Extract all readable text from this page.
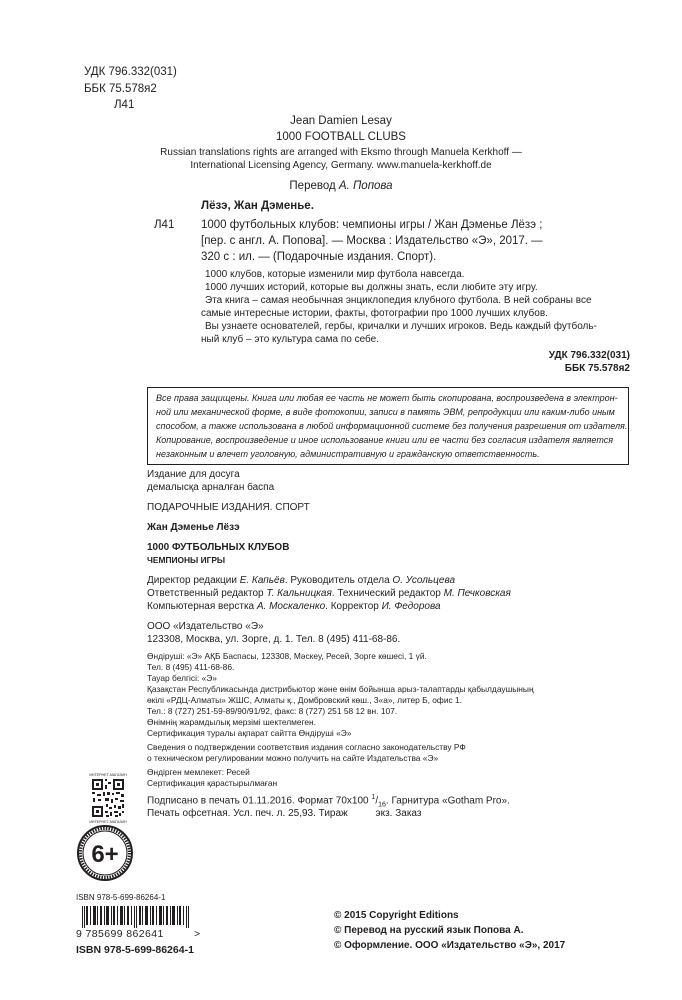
УДК 796.332(031)
ББК 75.578я2
Л41
Jean Damien Lesay
1000 FOOTBALL CLUBS
Russian translations rights are arranged with Eksmo through Manuela Kerkhoff —
International Licensing Agency, Germany. www.manuela-kerkhoff.de
Перевод А. Попова
Лёзэ, Жан Дэменье.
Л41 1000 футбольных клубов: чемпионы игры / Жан Дэменье Лёзэ ;
[пер. с англ. А. Попова]. — Москва : Издательство «Э», 2017. —
320 с : ил. — (Подарочные издания. Спорт).
1000 клубов, которые изменили мир футбола навсегда.
1000 лучших историй, которые вы должны знать, если любите эту игру.
Эта книга – самая необычная энциклопедия клубного футбола. В ней собраны все
самые интересные истории, факты, фотографии про 1000 лучших клубов.
Вы узнаете основателей, гербы, кричалки и лучших игроков. Ведь каждый футболь-
ный клуб – это культура сама по себе.
УДК 796.332(031)
ББК 75.578я2

Все права защищены. Книга или любая ее часть не может быть скопирована, воспроизведена в электрон-

ной или механической форме, в виде фотокопии, записи в память ЭВМ, репродукции или каким-либо иным

способом, а также использована в любой информационной системе без получения разрешения от издателя.

Копирование, воспроизведение и иное использование книги или ее части без согласия издателя является

незаконным и влечет уголовную, административную и гражданскую ответственность.

Издание для досуга
демалысқа арналған баспа
ПОДАРОЧНЫЕ ИЗДАНИЯ. СПОРТ
Жан Дэменье Лёзэ
1000 ФУТБОЛЬНЫХ КЛУБОВ
ЧЕМПИОНЫ ИГРЫ
Директор редакции Е. Капьёв. Руководитель отдела О. Усольцева
Ответственный редактор Т. Кальницкая. Технический редактор М. Печковская
Компьютерная верстка А. Москаленко. Корректор И. Федорова
ООО «Издательство «Э»
123308, Москва, ул. Зорге, д. 1. Тел. 8 (495) 411-68-86.
Өндіруші: «Э» АҚБ Баспасы, 123308, Мәскеу, Ресей, Зорге көшесі, 1 үй.
Тел. 8 (495) 411-68-86.
Тауар белгісі: «Э»
Қазақстан Республикасында дистрибьютор және өнім бойынша арыз-талаптарды қабылдаушының
өкілі «РДЦ-Алматы» ЖШС, Алматы қ., Домбровский көш., 3«а», литер Б, офис 1.
Тел.: 8 (727) 251-59-89/90/91/92, факс: 8 (727) 251 58 12 вн. 107.
Өнімнің жарамдылық мерзімі шектелмеген.
Сертификация туралы ақпарат сайтта Өндіруші «Э»
Сведения о подтверждении соответствия издания согласно законодательству РФ
о техническом регулировании можно получить на сайте Издательства «Э»
Өндірген мемлекет: Ресей
Сертификация қарастырылмаған
Подписано в печать 01.11.2016. Формат 70х100 $^1/_{16}$. Гарнитура «Gotham Pro».
Печать офсетная. Усл. печ. л. 25,93. Тираж          экз. Заказ
ИНТЕРНЕТ-МАГАЗИН
ИНТЕРНЕТ-МАГАЗИН
6+
ISBN 978-5-699-86264-1
9 785699 862641	>
ISBN 978-5-699-86264-1
© 2015 Copyright Editions
© Перевод на русский язык Попова А.
© Оформление. ООО «Издательство «Э», 2017
